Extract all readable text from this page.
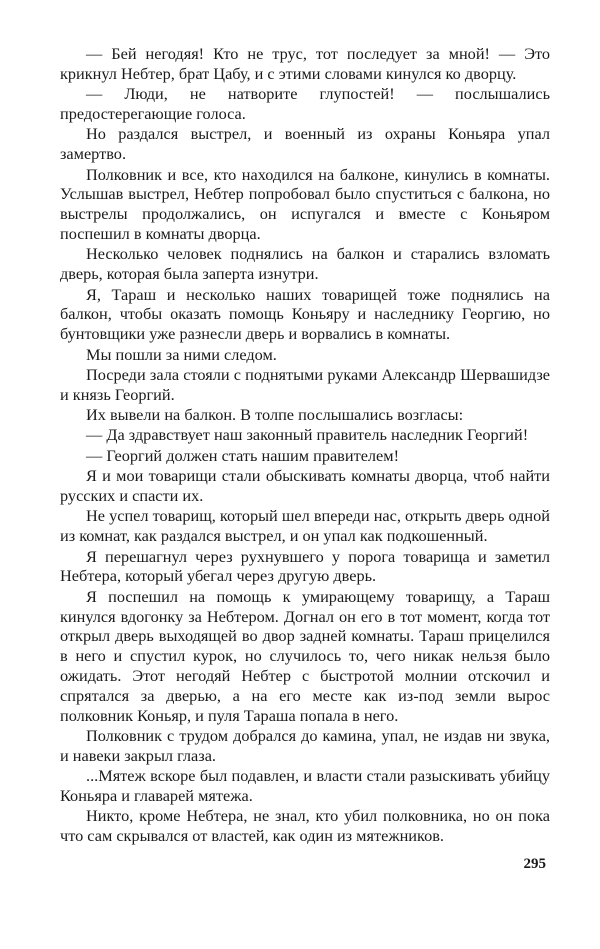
— Бей негодяя! Кто не трус, тот последует за мной! — Это крикнул Небтер, брат Цабу, и с этими словами кинулся ко дворцу.

— Люди, не натворите глупостей! — послышались предостерегающие голоса.

Но раздался выстрел, и военный из охраны Коньяра упал замертво.

Полковник и все, кто находился на балконе, кинулись в комнаты. Услышав выстрел, Небтер попробовал было спуститься с балкона, но выстрелы продолжались, он испугался и вместе с Коньяром поспешил в комнаты дворца.

Несколько человек поднялись на балкон и старались взломать дверь, которая была заперта изнутри.

Я, Тараш и несколько наших товарищей тоже поднялись на балкон, чтобы оказать помощь Коньяру и наследнику Георгию, но бунтовщики уже разнесли дверь и ворвались в комнаты.

Мы пошли за ними следом.

Посреди зала стояли с поднятыми руками Александр Шервашидзе и князь Георгий.

Их вывели на балкон. В толпе послышались возгласы:

— Да здравствует наш законный правитель наследник Георгий!

— Георгий должен стать нашим правителем!

Я и мои товарищи стали обыскивать комнаты дворца, чтоб найти русских и спасти их.

Не успел товарищ, который шел впереди нас, открыть дверь одной из комнат, как раздался выстрел, и он упал как подкошенный.

Я перешагнул через рухнувшего у порога товарища и заметил Небтера, который убегал через другую дверь.

Я поспешил на помощь к умирающему товарищу, а Тараш кинулся вдогонку за Небтером. Догнал он его в тот момент, когда тот открыл дверь выходящей во двор задней комнаты. Тараш прицелился в него и спустил курок, но случилось то, чего никак нельзя было ожидать. Этот негодяй Небтер с быстротой молнии отскочил и спрятался за дверью, а на его месте как из-под земли вырос полковник Коньяр, и пуля Тараша попала в него.

Полковник с трудом добрался до камина, упал, не издав ни звука, и навеки закрыл глаза.

...Мятеж вскоре был подавлен, и власти стали разыскивать убийцу Коньяра и главарей мятежа.

Никто, кроме Небтера, не знал, кто убил полковника, но он пока что сам скрывался от властей, как один из мятежников.

295
